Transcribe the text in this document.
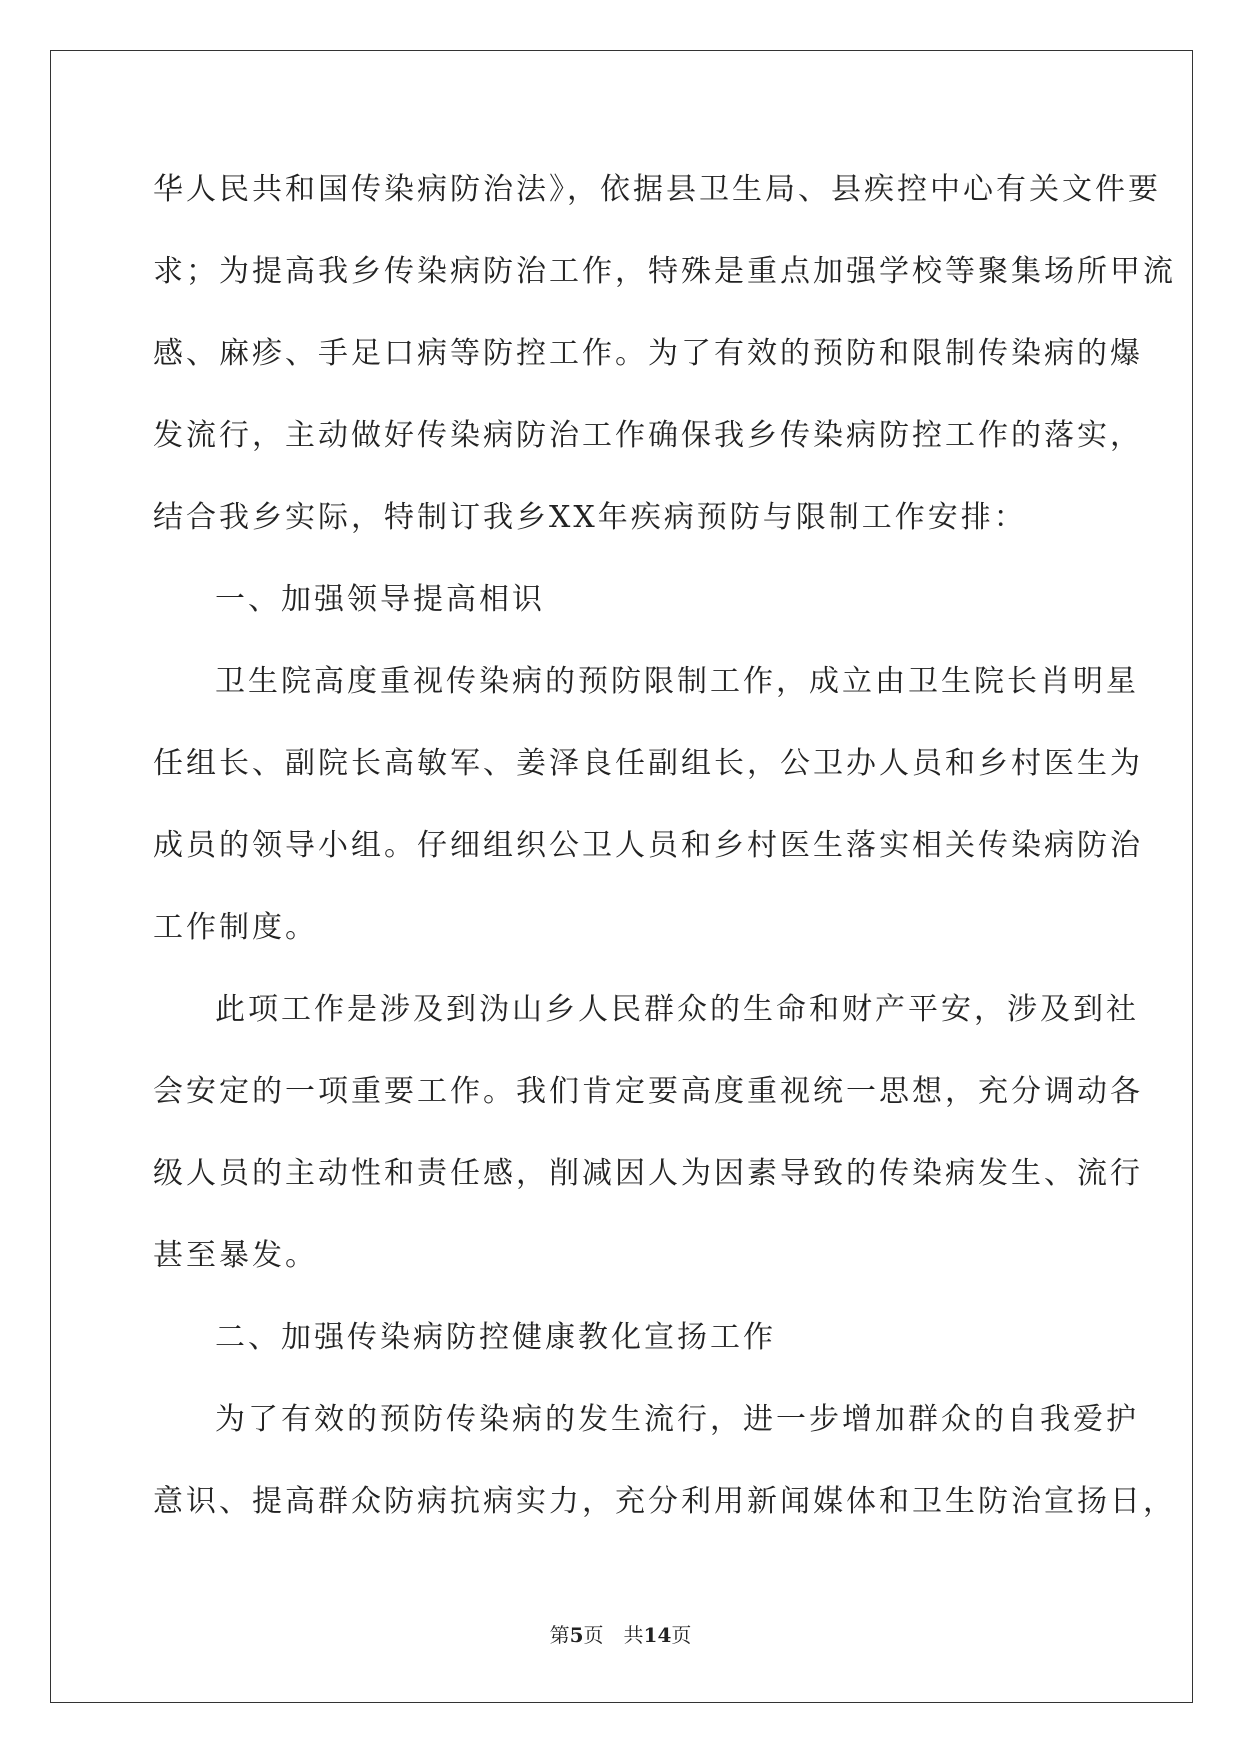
华人民共和国传染病防治法》，依据县卫生局、县疾控中心有关文件要
求；为提高我乡传染病防治工作，特殊是重点加强学校等聚集场所甲流
感、麻疹、手足口病等防控工作。为了有效的预防和限制传染病的爆
发流行，主动做好传染病防治工作确保我乡传染病防控工作的落实，
结合我乡实际，特制订我乡XX年疾病预防与限制工作安排：
一、加强领导提高相识
卫生院高度重视传染病的预防限制工作，成立由卫生院长肖明星
任组长、副院长高敏军、姜泽良任副组长，公卫办人员和乡村医生为
成员的领导小组。仔细组织公卫人员和乡村医生落实相关传染病防治
工作制度。
此项工作是涉及到沩山乡人民群众的生命和财产平安，涉及到社
会安定的一项重要工作。我们肯定要高度重视统一思想，充分调动各
级人员的主动性和责任感，削减因人为因素导致的传染病发生、流行
甚至暴发。
二、加强传染病防控健康教化宣扬工作
为了有效的预防传染病的发生流行，进一步增加群众的自我爱护
意识、提高群众防病抗病实力，充分利用新闻媒体和卫生防治宣扬日，
第5页 共14页
